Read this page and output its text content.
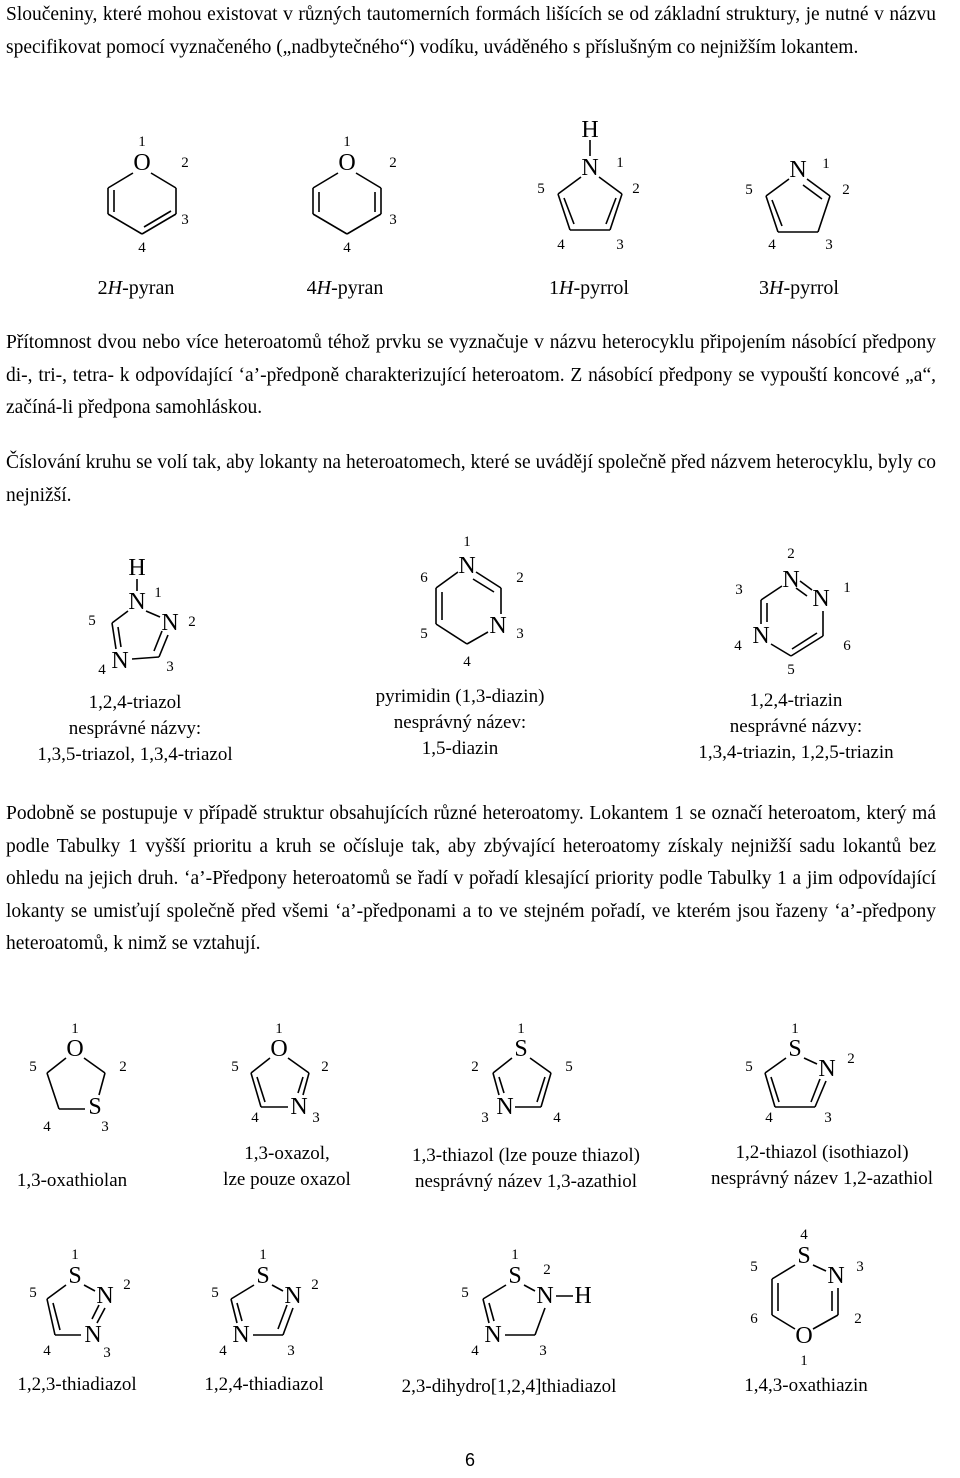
Sloučeniny, které mohou existovat v různých tautomerních formách lišících se od základní struktury, je nutné v názvu specifikovat pomocí vyznačeného („nadbytečného“) vodíku, uváděného s příslušným co nejnižším lokantem.

1
O 2
3
4
1
O 2
3
4
H
N 1
2
3
4
5
N 1
2
3
4
5
2H-pyran	4H-pyran	1H-pyrrol	3H-pyrrol

Přítomnost dvou nebo více heteroatomů téhož prvku se vyznačuje v názvu heterocyklu připojením násobící předpony di-, tri-, tetra- k odpovídající ‘a’-předponě charakterizující heteroatom. Z násobící předpony se vypouští koncové „a“, začíná-li předpona samohláskou.

Číslování kruhu se volí tak, aby lokanty na heteroatomech, které se uvádějí společně před názvem heterocyklu, byly co nejnižší.

H
N 1
N 2
N	3
4
5
1
N	2
N 3
4
5
6
2
N
N 1
3
N
4	6
5
1,2,4-triazol
nesprávné názvy:
1,3,5-triazol, 1,3,4-triazol
pyrimidin (1,3-diazin)
nesprávný název:
1,5-diazin
1,2,4-triazin
nesprávné názvy:
1,3,4-triazin, 1,2,5-triazin

Podobně se postupuje v případě struktur obsahujících různé heteroatomy. Lokantem 1 se označí heteroatom, který má podle Tabulky 1 vyšší prioritu a kruh se očísluje tak, aby zbývající heteroatomy získaly nejnižší sadu lokantů bez ohledu na jejich druh. ‘a’-Předpony heteroatomů se řadí v pořadí klesající priority podle Tabulky 1 a jim odpovídající lokanty se umisťují společně před všemi ‘a’-předponami a to ve stejném pořadí, ve kterém jsou řazeny ‘a’-předpony heteroatomů, k nimž se vztahují.

1
O
2
S
3
4
5
1
O
2
N 3
4
5
1
S
5
2
N
3	4
1
S
N 2
5
4	3
1,3-oxathiolan
1,3-oxazol,
lze pouze oxazol
1,3-thiazol (lze pouze thiazol)
nesprávný název 1,3-azathiol
1,2-thiazol (isothiazol)
nesprávný název 1,2-azathiol
1
S
N 2
N
3
4
5
1
S
N 2
N
3
4
5
1
S 2
N H
N
3
4
5
4
S
N 3
5
6	2
O
1
1,2,3-thiadiazol	1,2,4-thiadiazol	2,3-dihydro[1,2,4]thiadiazol	1,4,3-oxathiazin
6
